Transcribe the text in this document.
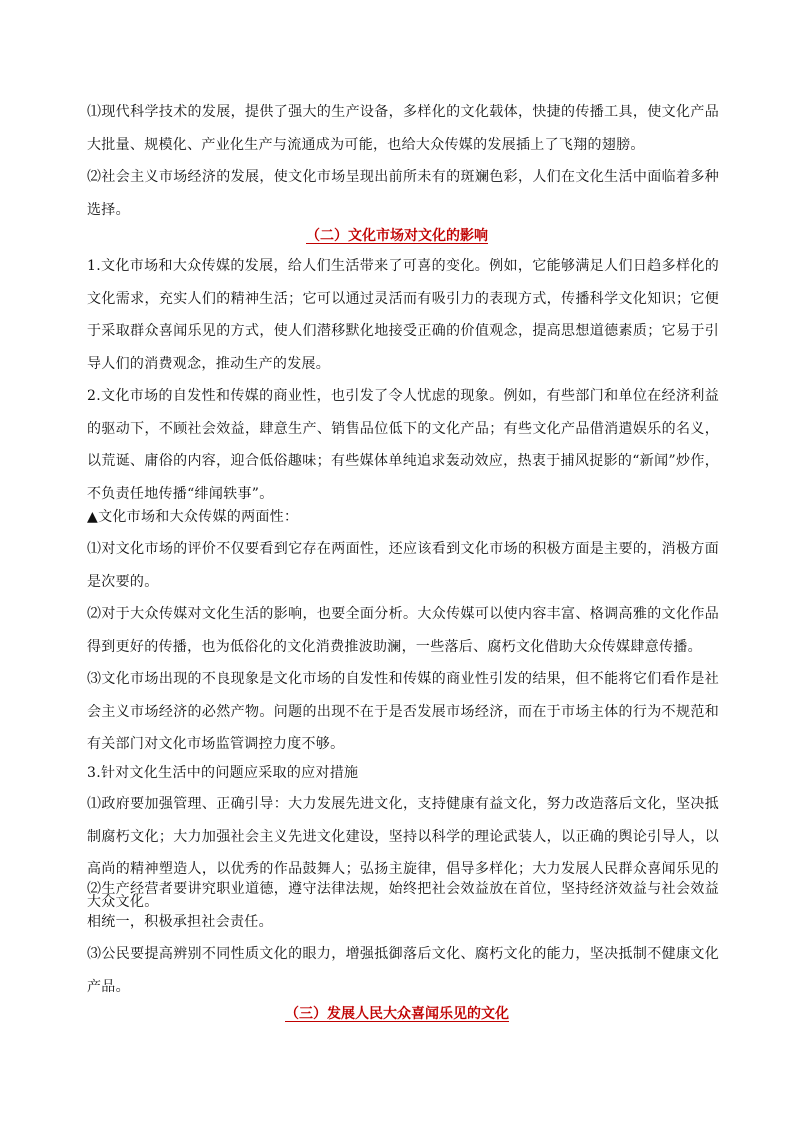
⑴现代科学技术的发展，提供了强大的生产设备，多样化的文化载体，快捷的传播工具，使文化产品大批量、规模化、产业化生产与流通成为可能，也给大众传媒的发展插上了飞翔的翅膀。

⑵社会主义市场经济的发展，使文化市场呈现出前所未有的斑斓色彩，人们在文化生活中面临着多种选择。

（二）文化市场对文化的影响

1.文化市场和大众传媒的发展，给人们生活带来了可喜的变化。例如，它能够满足人们日趋多样化的文化需求，充实人们的精神生活；它可以通过灵活而有吸引力的表现方式，传播科学文化知识；它便于采取群众喜闻乐见的方式，使人们潜移默化地接受正确的价值观念，提高思想道德素质；它易于引导人们的消费观念，推动生产的发展。

2.文化市场的自发性和传媒的商业性，也引发了令人忧虑的现象。例如，有些部门和单位在经济利益的驱动下，不顾社会效益，肆意生产、销售品位低下的文化产品；有些文化产品借消遣娱乐的名义，以荒诞、庸俗的内容，迎合低俗趣味；有些媒体单纯追求轰动效应，热衷于捕风捉影的“新闻”炒作，不负责任地传播“绯闻轶事”。

▲文化市场和大众传媒的两面性：

⑴对文化市场的评价不仅要看到它存在两面性，还应该看到文化市场的积极方面是主要的，消极方面是次要的。

⑵对于大众传媒对文化生活的影响，也要全面分析。大众传媒可以使内容丰富、格调高雅的文化作品得到更好的传播，也为低俗化的文化消费推波助澜，一些落后、腐朽文化借助大众传媒肆意传播。

⑶文化市场出现的不良现象是文化市场的自发性和传媒的商业性引发的结果，但不能将它们看作是社会主义市场经济的必然产物。问题的出现不在于是否发展市场经济，而在于市场主体的行为不规范和有关部门对文化市场监管调控力度不够。

3.针对文化生活中的问题应采取的应对措施

⑴政府要加强管理、正确引导：大力发展先进文化，支持健康有益文化，努力改造落后文化，坚决抵制腐朽文化；大力加强社会主义先进文化建设，坚持以科学的理论武装人，以正确的舆论引导人，以高尚的精神塑造人，以优秀的作品鼓舞人；弘扬主旋律，倡导多样化；大力发展人民群众喜闻乐见的大众文化。

⑵生产经营者要讲究职业道德，遵守法律法规，始终把社会效益放在首位，坚持经济效益与社会效益相统一，积极承担社会责任。

⑶公民要提高辨别不同性质文化的眼力，增强抵御落后文化、腐朽文化的能力，坚决抵制不健康文化产品。

（三）发展人民大众喜闻乐见的文化
